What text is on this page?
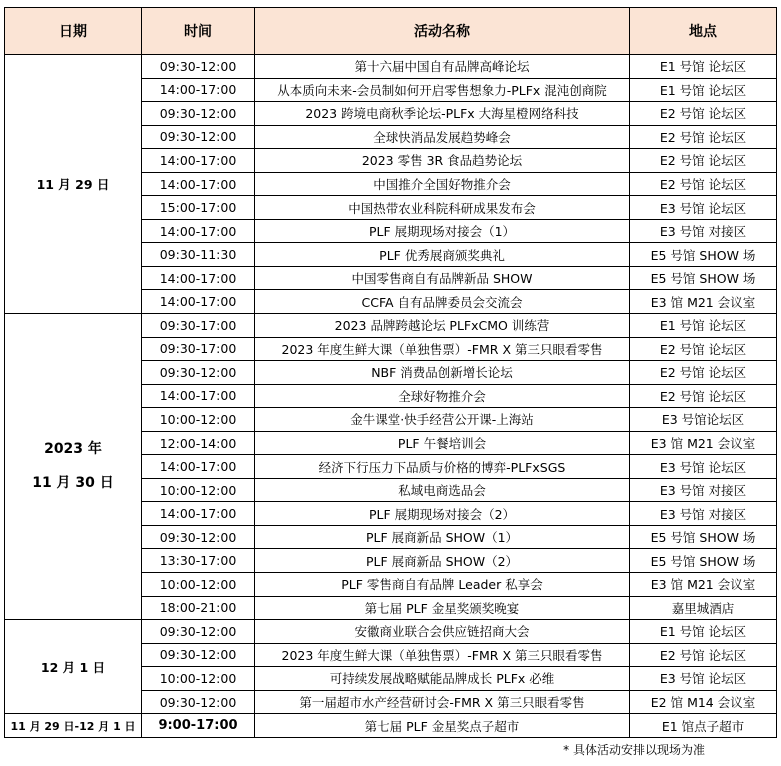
日期	时间	活动名称	地点
11 月 29 日	09:30-12:00	第十六届中国自有品牌高峰论坛	E1 号馆 论坛区
	14:00-17:00	从本质向未来-会员制如何开启零售想象力-PLFx 混沌创商院	E1 号馆 论坛区
	09:30-12:00	2023 跨境电商秋季论坛-PLFx 大海星橙网络科技	E2 号馆 论坛区
	09:30-12:00	全球快消品发展趋势峰会	E2 号馆 论坛区
	14:00-17:00	2023 零售 3R 食品趋势论坛	E2 号馆 论坛区
	14:00-17:00	中国推介全国好物推介会	E2 号馆 论坛区
	15:00-17:00	中国热带农业科院科研成果发布会	E3 号馆 论坛区
	14:00-17:00	PLF 展期现场对接会（1）	E3 号馆 对接区
	09:30-11:30	PLF 优秀展商颁奖典礼	E5 号馆 SHOW 场
	14:00-17:00	中国零售商自有品牌新品 SHOW	E5 号馆 SHOW 场
	14:00-17:00	CCFA 自有品牌委员会交流会	E3 馆 M21 会议室

2023 年
11 月 30 日	09:30-17:00	2023 品牌跨越论坛 PLFxCMO 训练营	E1 号馆 论坛区
	09:30-17:00	2023 年度生鲜大课（单独售票）-FMR X 第三只眼看零售	E2 号馆 论坛区
	09:30-12:00	NBF 消费品创新增长论坛	E2 号馆 论坛区
	14:00-17:00	全球好物推介会	E2 号馆 论坛区
	10:00-12:00	金牛课堂·快手经营公开课-上海站	E3 号馆论坛区
	12:00-14:00	PLF 午餐培训会	E3 馆 M21 会议室
	14:00-17:00	经济下行压力下品质与价格的博弈-PLFxSGS	E3 号馆 论坛区
	10:00-12:00	私域电商选品会	E3 号馆 对接区
	14:00-17:00	PLF 展期现场对接会（2）	E3 号馆 对接区
	09:30-12:00	PLF 展商新品 SHOW（1）	E5 号馆 SHOW 场
	13:30-17:00	PLF 展商新品 SHOW（2）	E5 号馆 SHOW 场
	10:00-12:00	PLF 零售商自有品牌 Leader 私享会	E3 馆 M21 会议室
	18:00-21:00	第七届 PLF 金星奖颁奖晚宴	嘉里城酒店
12 月 1 日	09:30-12:00	安徽商业联合会供应链招商大会	E1 号馆 论坛区
	09:30-12:00	2023 年度生鲜大课（单独售票）-FMR X 第三只眼看零售	E2 号馆 论坛区
	10:00-12:00	可持续发展战略赋能品牌成长 PLFx 必维	E3 号馆 论坛区
	09:30-12:00	第一届超市水产经营研讨会-FMR X 第三只眼看零售	E2 馆 M14 会议室
11 月 29 日-12 月 1 日	9:00-17:00	第七届 PLF 金星奖点子超市	E1 馆点子超市
* 具体活动安排以现场为准
